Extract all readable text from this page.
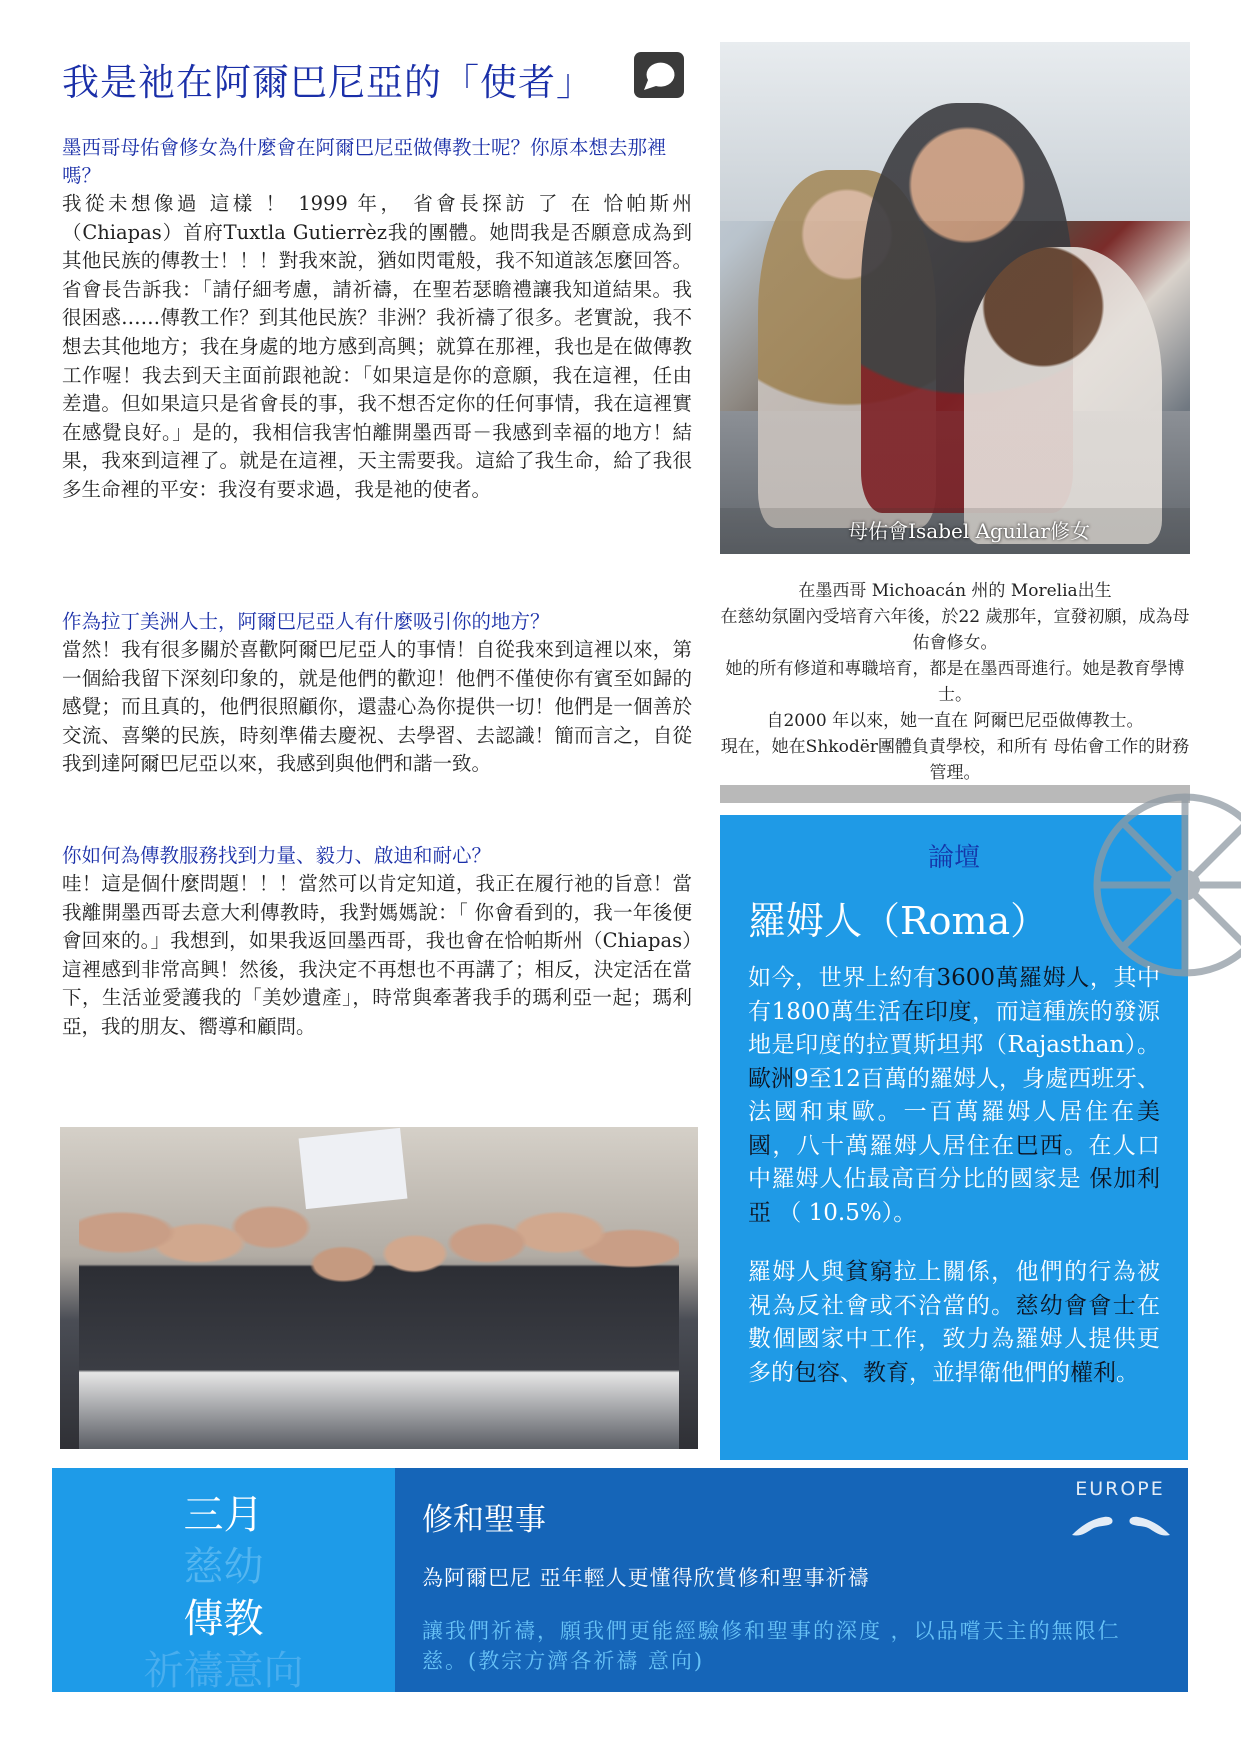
我是祂在阿爾巴尼亞的「使者」

墨西哥母佑會修女為什麼會在阿爾巴尼亞做傳教士呢？你原本想去那裡嗎？

我從未想像過 這樣 ！ 1999 年， 省會長探訪 了 在 恰帕斯州（Chiapas）首府Tuxtla Gutierrèz我的團體。她問我是否願意成為到其他民族的傳教士！！！對我來說，猶如閃電般，我不知道該怎麼回答。省會長告訴我：「請仔細考慮，請祈禱，在聖若瑟瞻禮讓我知道結果。我很困惑……傳教工作？到其他民族？非洲？我祈禱了很多。老實說，我不想去其他地方；我在身處的地方感到高興；就算在那裡，我也是在做傳教工作喔！我去到天主面前跟祂說：「如果這是你的意願，我在這裡，任由差遣。但如果這只是省會長的事，我不想否定你的任何事情，我在這裡實在感覺良好。」是的，我相信我害怕離開墨西哥－我感到幸福的地方！結果，我來到這裡了。就是在這裡，天主需要我。這給了我生命，給了我很多生命裡的平安：我沒有要求過，我是祂的使者。

作為拉丁美洲人士，阿爾巴尼亞人有什麼吸引你的地方？

當然！我有很多關於喜歡阿爾巴尼亞人的事情！自從我來到這裡以來，第一個給我留下深刻印象的，就是他們的歡迎！他們不僅使你有賓至如歸的感覺；而且真的，他們很照顧你，還盡心為你提供一切！他們是一個善於交流、喜樂的民族，時刻準備去慶祝、去學習、去認識！簡而言之，自從我到達阿爾巴尼亞以來，我感到與他們和諧一致。

你如何為傳教服務找到力量、毅力、啟迪和耐心？

哇！這是個什麼問題！！！當然可以肯定知道，我正在履行祂的旨意！當我離開墨西哥去意大利傳教時，我對媽媽說：「 你會看到的，我一年後便會回來的。」我想到，如果我返回墨西哥，我也會在恰帕斯州（Chiapas）這裡感到非常高興！然後，我決定不再想也不再講了；相反，決定活在當下，生活並愛護我的「美妙遺產」，時常與牽著我手的瑪利亞一起；瑪利亞，我的朋友、嚮導和顧問。

母佑會Isabel Aguilar修女

在墨西哥 Michoacán 州的 Morelia出生

在慈幼氛圍內受培育六年後，於22 歲那年，宣發初願，成為母佑會修女。

她的所有修道和專職培育，都是在墨西哥進行。她是教育學博士。

自2000 年以來，她一直在 阿爾巴尼亞做傳教士。

現在，她在Shkodër團體負責學校，和所有 母佑會工作的財務管理。

論壇
羅姆人（Roma）

如今，世界上約有3600萬羅姆人，其中有1800萬生活在印度，而這種族的發源地是印度的拉賈斯坦邦（Rajasthan）。歐洲9至12百萬的羅姆人，身處西班牙、法國和東歐。一百萬羅姆人居住在美國，八十萬羅姆人居住在巴西。在人口中羅姆人佔最高百分比的國家是 保加利亞 （ 10.5%）。

羅姆人與貧窮拉上關係，他們的行為被視為反社會或不洽當的。慈幼會會士在數個國家中工作，致力為羅姆人提供更多的包容、教育，並捍衛他們的權利。

三月
慈幼
傳教
祈禱意向
修和聖事
為阿爾巴尼 亞年輕人更懂得欣賞修和聖事祈禱
讓我們祈禱，願我們更能經驗修和聖事的深度 ，以品嚐天主的無限仁慈。(教宗方濟各祈禱 意向)
EUROPE
